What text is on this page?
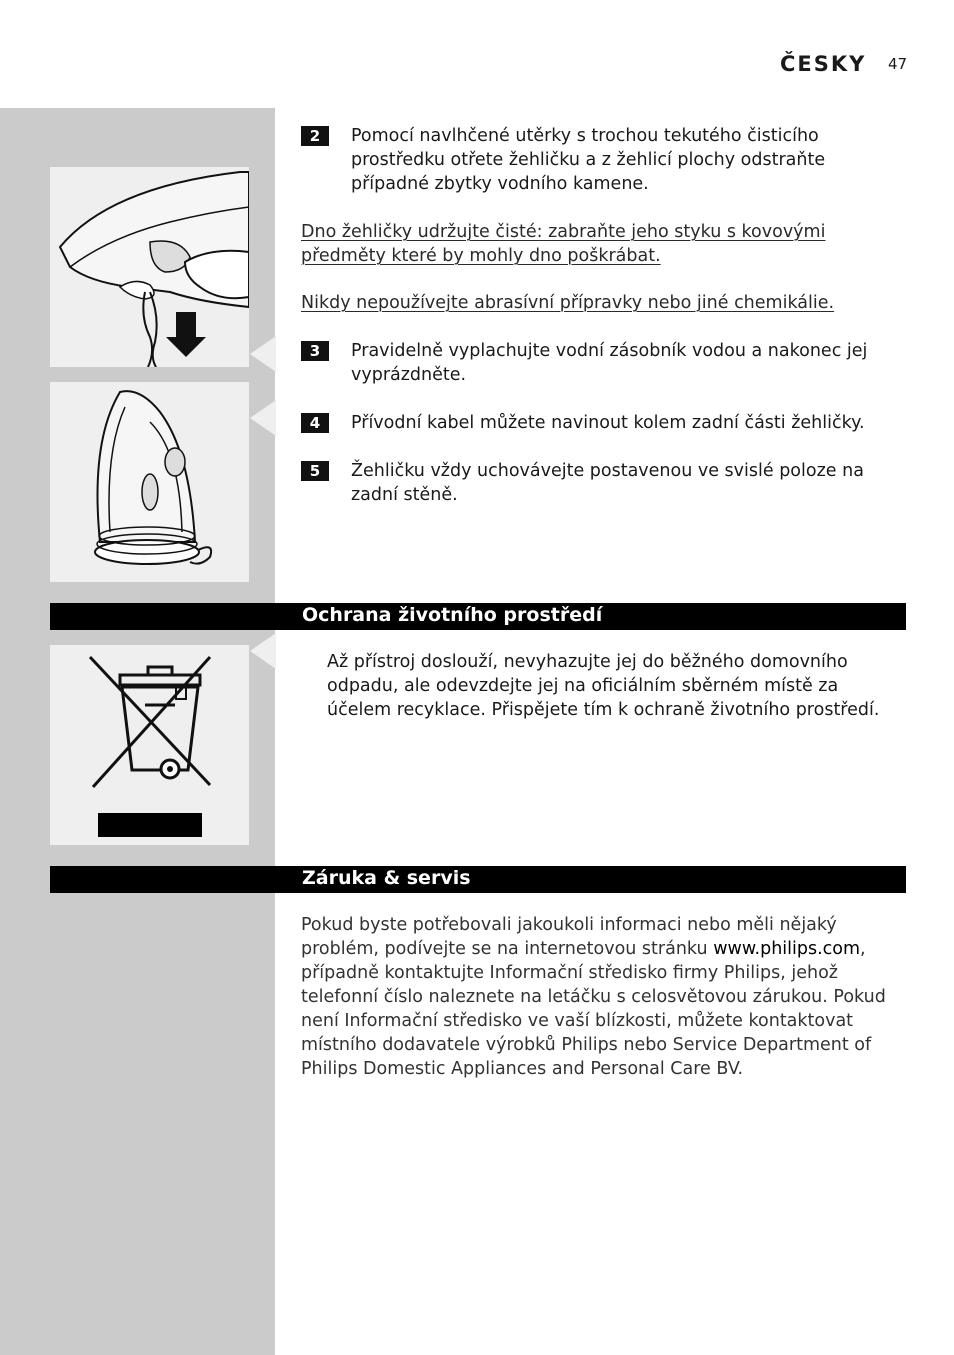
ČESKY 47
2	Pomocí navlhčené utěrky s trochou tekutého čisticího prostředku otřete žehličku a z žehlicí plochy odstraňte případné zbytky vodního kamene.
Dno žehličky udržujte čisté: zabraňte jeho styku s kovovými předměty které by mohly dno poškrábat.
Nikdy nepoužívejte abrasívní přípravky nebo jiné chemikálie.
3	Pravidelně vyplachujte vodní zásobník vodou a nakonec jej vyprázdněte.
4	Přívodní kabel můžete navinout kolem zadní části žehličky.
5	Žehličku vždy uchovávejte postavenou ve svislé poloze na zadní stěně.
Ochrana životního prostředí
Až přístroj doslouží, nevyhazujte jej do běžného domovního odpadu, ale odevzdejte jej na oficiálním sběrném místě za účelem recyklace. Přispějete tím k ochraně životního prostředí.
Záruka & servis
Pokud byste potřebovali jakoukoli informaci nebo měli nějaký problém, podívejte se na internetovou stránku www.philips.com, případně kontaktujte Informační středisko firmy Philips, jehož telefonní číslo naleznete na letáčku s celosvětovou zárukou. Pokud není Informační středisko ve vaší blízkosti, můžete kontaktovat místního dodavatele výrobků Philips nebo Service Department of Philips Domestic Appliances and Personal Care BV.
